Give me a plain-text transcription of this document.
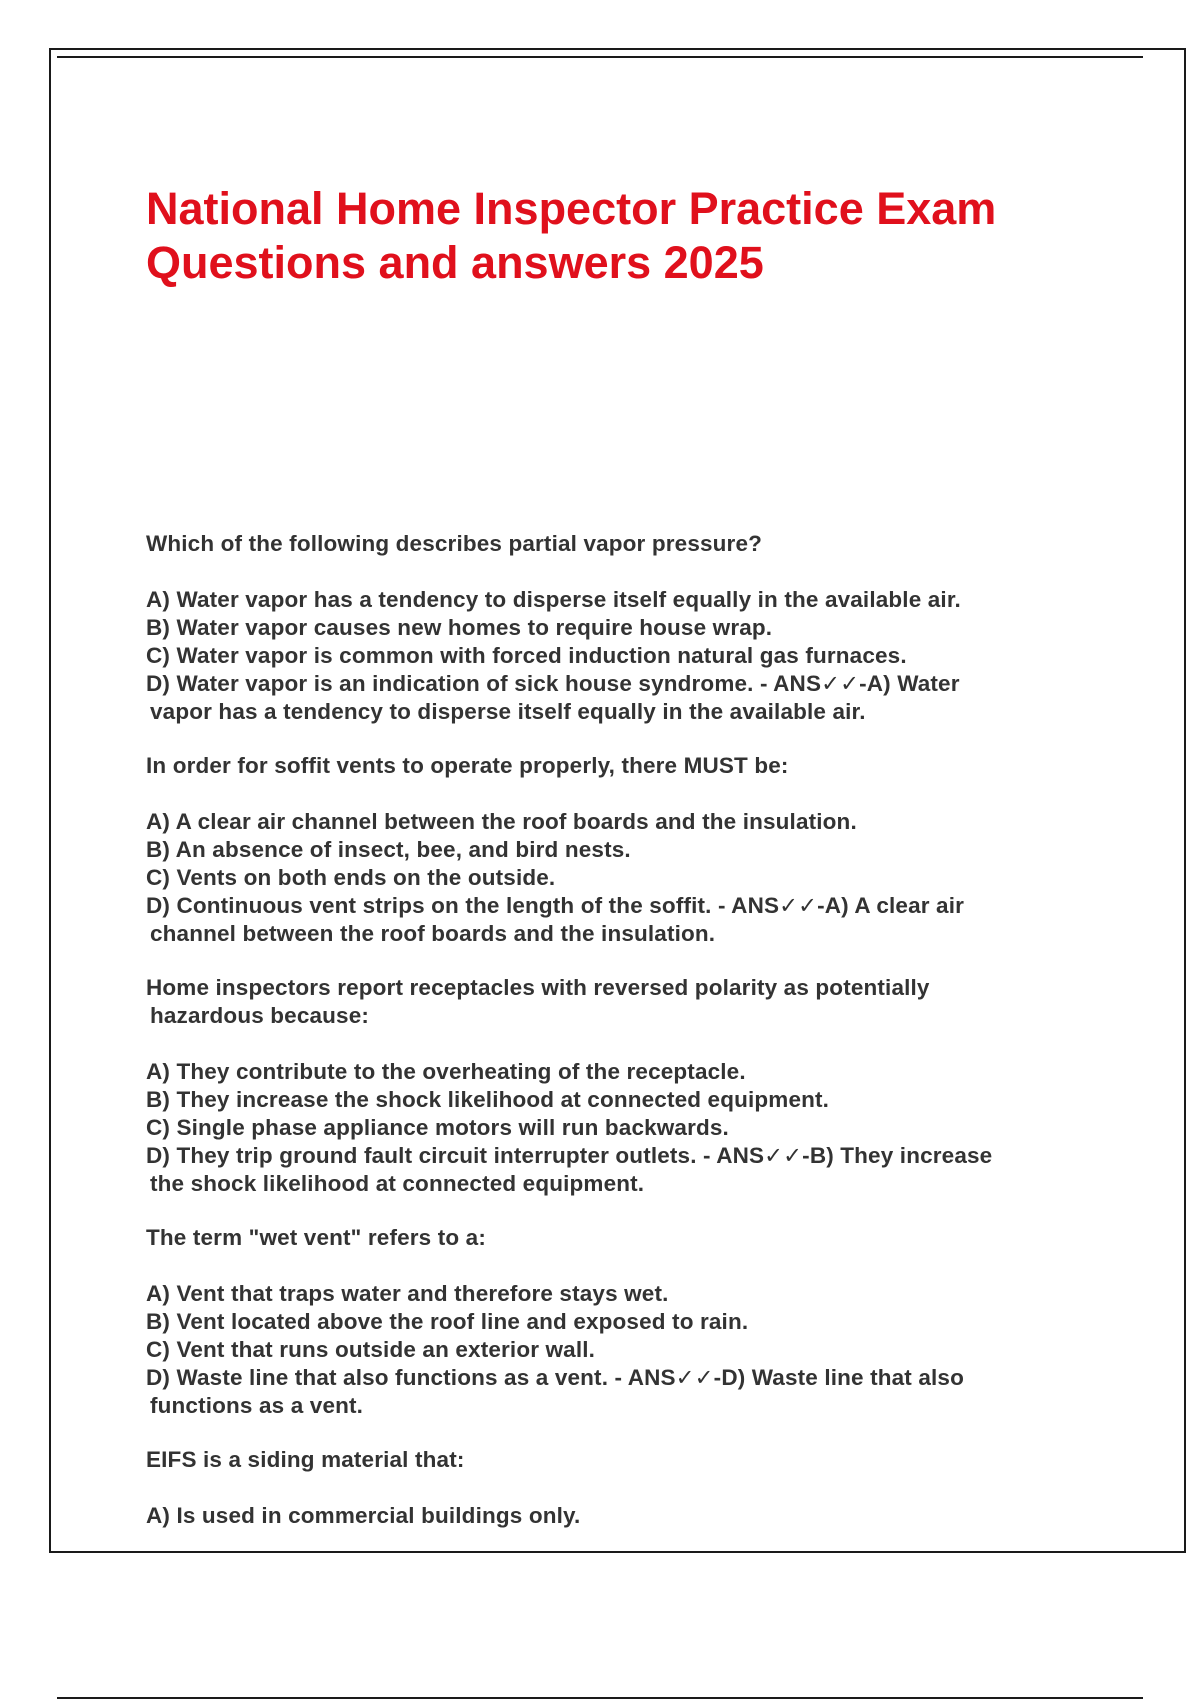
National Home Inspector Practice Exam
Questions and answers 2025

Which of the following describes partial vapor pressure?

A) Water vapor has a tendency to disperse itself equally in the available air.

B) Water vapor causes new homes to require house wrap.

C) Water vapor is common with forced induction natural gas furnaces.

D) Water vapor is an indication of sick house syndrome. - ANS✓✓-A) Water

vapor has a tendency to disperse itself equally in the available air.

In order for soffit vents to operate properly, there MUST be:

A) A clear air channel between the roof boards and the insulation.

B) An absence of insect, bee, and bird nests.

C) Vents on both ends on the outside.

D) Continuous vent strips on the length of the soffit. - ANS✓✓-A) A clear air

channel between the roof boards and the insulation.

Home inspectors report receptacles with reversed polarity as potentially

hazardous because:

A) They contribute to the overheating of the receptacle.

B) They increase the shock likelihood at connected equipment.

C) Single phase appliance motors will run backwards.

D) They trip ground fault circuit interrupter outlets. - ANS✓✓-B) They increase

the shock likelihood at connected equipment.

The term "wet vent" refers to a:

A) Vent that traps water and therefore stays wet.

B) Vent located above the roof line and exposed to rain.

C) Vent that runs outside an exterior wall.

D) Waste line that also functions as a vent. - ANS✓✓-D) Waste line that also

functions as a vent.

EIFS is a siding material that:

A) Is used in commercial buildings only.
